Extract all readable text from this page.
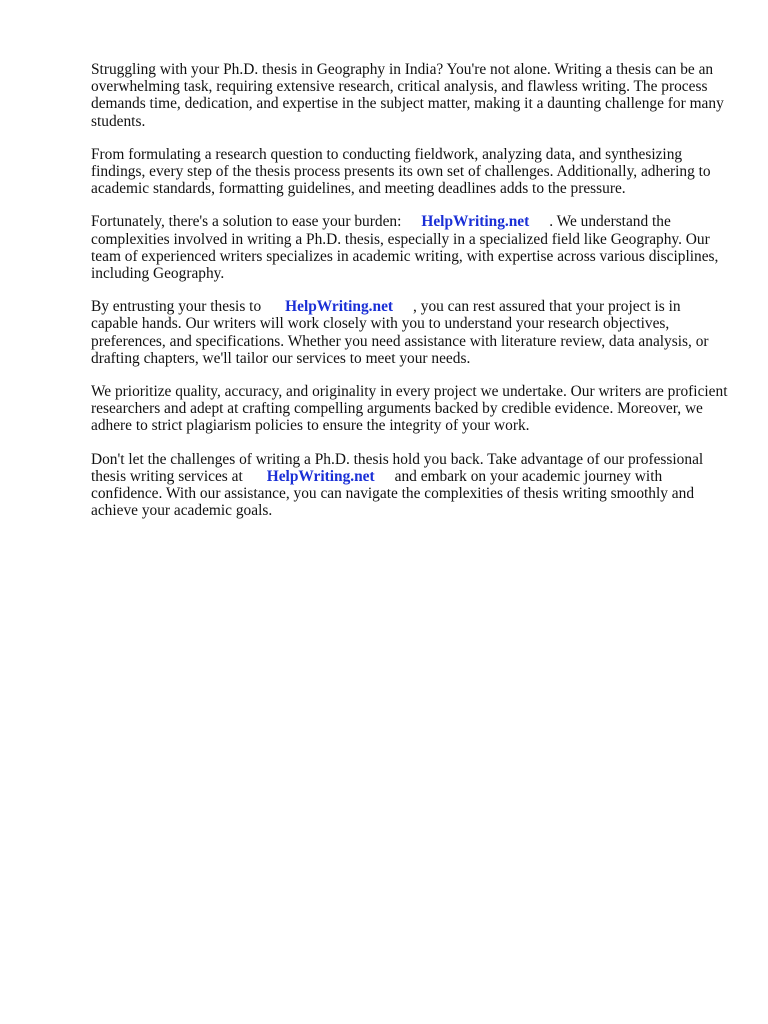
Struggling with your Ph.D. thesis in Geography in India? You're not alone. Writing a thesis can be an overwhelming task, requiring extensive research, critical analysis, and flawless writing. The process demands time, dedication, and expertise in the subject matter, making it a daunting challenge for many students.

From formulating a research question to conducting fieldwork, analyzing data, and synthesizing findings, every step of the thesis process presents its own set of challenges. Additionally, adhering to academic standards, formatting guidelines, and meeting deadlines adds to the pressure.

Fortunately, there's a solution to ease your burden: HelpWriting.net . We understand the complexities involved in writing a Ph.D. thesis, especially in a specialized field like Geography. Our team of experienced writers specializes in academic writing, with expertise across various disciplines, including Geography.

By entrusting your thesis to HelpWriting.net , you can rest assured that your project is in capable hands. Our writers will work closely with you to understand your research objectives, preferences, and specifications. Whether you need assistance with literature review, data analysis, or drafting chapters, we'll tailor our services to meet your needs.

We prioritize quality, accuracy, and originality in every project we undertake. Our writers are proficient researchers and adept at crafting compelling arguments backed by credible evidence. Moreover, we adhere to strict plagiarism policies to ensure the integrity of your work.

Don't let the challenges of writing a Ph.D. thesis hold you back. Take advantage of our professional thesis writing services at HelpWriting.net and embark on your academic journey with confidence. With our assistance, you can navigate the complexities of thesis writing smoothly and achieve your academic goals.
